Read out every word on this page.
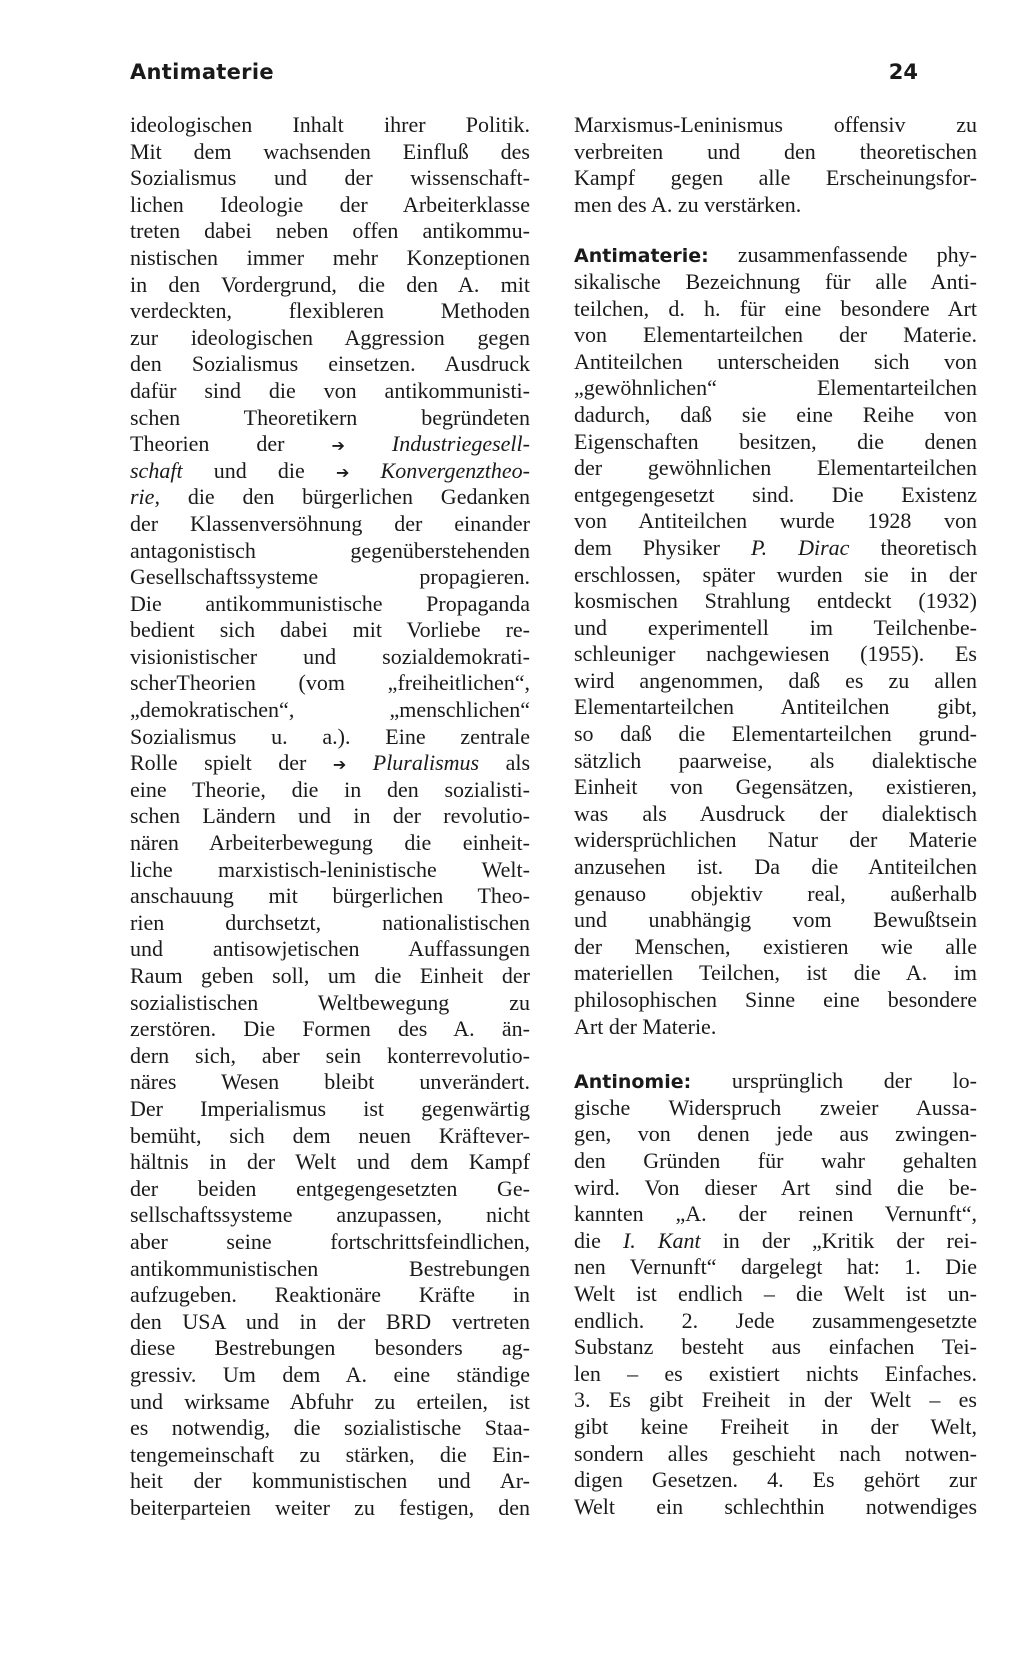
Antimaterie	24
ideologischen Inhalt ihrer Politik.
Mit dem wachsenden Einfluß des
Sozialismus und der wissenschaft-
lichen Ideologie der Arbeiterklasse
treten dabei neben offen antikommu-
nistischen immer mehr Konzeptionen
in den Vordergrund, die den A. mit
verdeckten, flexibleren Methoden
zur ideologischen Aggression gegen
den Sozialismus einsetzen. Ausdruck
dafür sind die von antikommunisti-
schen Theoretikern begründeten
Theorien der	➔ Industriegesell-
schaft und die ➔ Konvergenztheo-
rie, die den bürgerlichen Gedanken
der Klassenversöhnung der einander
antagonistisch gegenüberstehenden
Gesellschaftssysteme propagieren.
Die antikommunistische Propaganda
bedient sich dabei mit Vorliebe re-
visionistischer und sozialdemokrati-
scherTheorien (vom „freiheitlichen“,
„demokratischen“, „menschlichen“
Sozialismus u. a.). Eine zentrale
Rolle spielt der ➔ Pluralismus als
eine Theorie, die in den sozialisti-
schen Ländern und in der revolutio-
nären Arbeiterbewegung die einheit-
liche marxistisch-leninistische Welt-
anschauung mit bürgerlichen Theo-
rien durchsetzt, nationalistischen
und antisowjetischen Auffassungen
Raum geben soll, um die Einheit der
sozialistischen Weltbewegung zu
zerstören. Die Formen des A. än-
dern sich, aber sein konterrevolutio-
näres Wesen bleibt unverändert.
Der Imperialismus ist gegenwärtig
bemüht, sich dem neuen Kräftever-
hältnis in der Welt und dem Kampf
der beiden entgegengesetzten Ge-
sellschaftssysteme anzupassen, nicht
aber seine fortschrittsfeindlichen,
antikommunistischen Bestrebungen
aufzugeben. Reaktionäre Kräfte in
den USA und in der BRD vertreten
diese Bestrebungen besonders ag-
gressiv. Um dem A. eine ständige
und wirksame Abfuhr zu erteilen, ist
es notwendig, die sozialistische Staa-
tengemeinschaft zu stärken, die Ein-
heit der kommunistischen und Ar-
beiterparteien weiter zu festigen, den
Marxismus-Leninismus offensiv zu
verbreiten und den theoretischen
Kampf gegen alle Erscheinungsfor-
men des A. zu verstärken.
Antimaterie: zusammenfassende phy-
sikalische Bezeichnung für alle Anti-
teilchen, d. h. für eine besondere Art
von Elementarteilchen der Materie.
Antiteilchen unterscheiden sich von
„gewöhnlichen“ Elementarteilchen
dadurch, daß sie eine Reihe von
Eigenschaften besitzen, die denen
der gewöhnlichen Elementarteilchen
entgegengesetzt sind. Die Existenz
von Antiteilchen wurde 1928 von
dem Physiker P. Dirac theoretisch
erschlossen, später wurden sie in der
kosmischen Strahlung entdeckt (1932)
und experimentell im Teilchenbe-
schleuniger nachgewiesen (1955). Es
wird angenommen, daß es zu allen
Elementarteilchen Antiteilchen gibt,
so daß die Elementarteilchen grund-
sätzlich paarweise, als dialektische
Einheit von Gegensätzen, existieren,
was als Ausdruck der dialektisch
widersprüchlichen Natur der Materie
anzusehen ist. Da die Antiteilchen
genauso objektiv real, außerhalb
und unabhängig vom Bewußtsein
der Menschen, existieren wie alle
materiellen Teilchen, ist die A. im
philosophischen Sinne eine besondere
Art der Materie.
Antinomie: ursprünglich der lo-
gische Widerspruch zweier Aussa-
gen, von denen jede aus zwingen-
den Gründen für wahr gehalten
wird. Von dieser Art sind die be-
kannten „A. der reinen Vernunft“,
die I. Kant in der „Kritik der rei-
nen Vernunft“ dargelegt hat: 1. Die
Welt ist endlich – die Welt ist un-
endlich. 2. Jede zusammengesetzte
Substanz besteht aus einfachen Tei-
len – es existiert nichts Einfaches.
3. Es gibt Freiheit in der Welt – es
gibt keine Freiheit in der Welt,
sondern alles geschieht nach notwen-
digen Gesetzen. 4. Es gehört zur
Welt ein schlechthin notwendiges
